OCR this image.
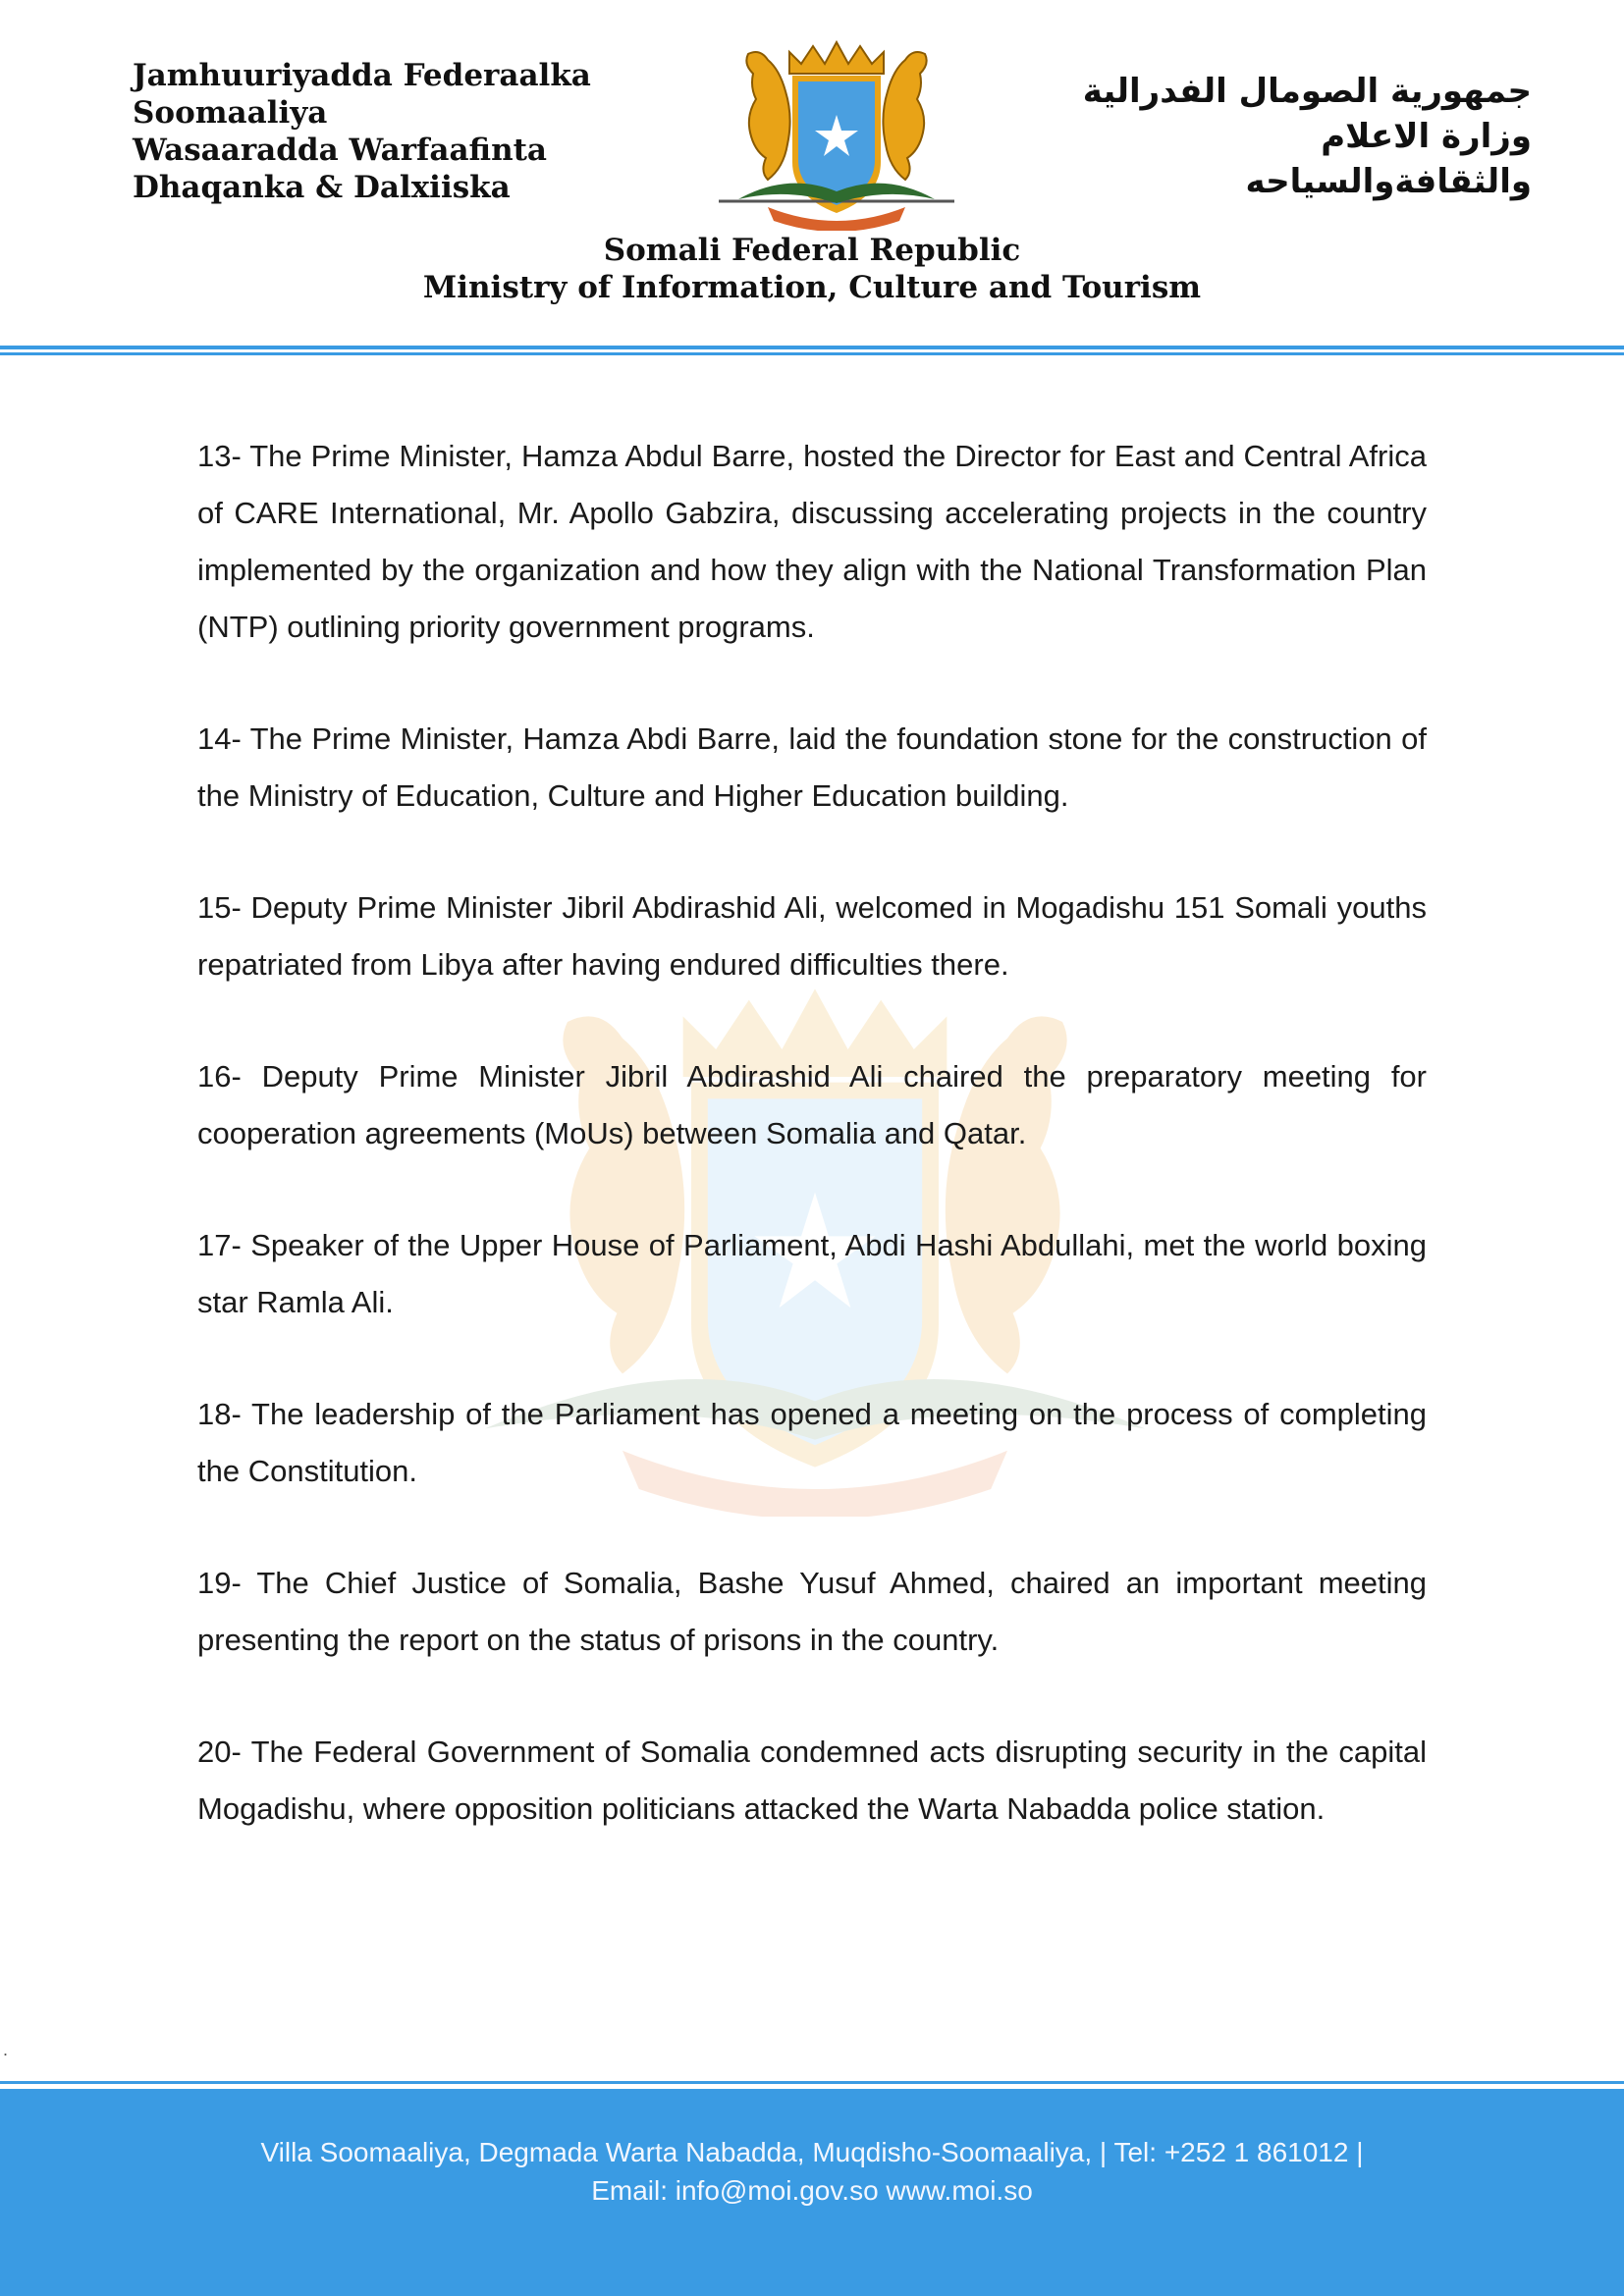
Jamhuuriyadda Federaalka
Soomaaliya
Wasaaradda Warfaafinta
Dhaqanka & Dalxiiska
جمهورية الصومال الفدرالية
وزارة الاعلام
والثقافةوالسياحه
Somali Federal Republic
Ministry of Information, Culture and Tourism

13- The Prime Minister, Hamza Abdul Barre, hosted the Director for East and Central Africa of CARE International, Mr. Apollo Gabzira, discussing accelerating projects in the country implemented by the organization and how they align with the National Transformation Plan (NTP) outlining priority government programs.

14- The Prime Minister, Hamza Abdi Barre, laid the foundation stone for the construction of the Ministry of Education, Culture and Higher Education building.

15- Deputy Prime Minister Jibril Abdirashid Ali, welcomed in Mogadishu 151 Somali youths repatriated from Libya after having endured difficulties there.

16- Deputy Prime Minister Jibril Abdirashid Ali chaired the preparatory meeting for cooperation agreements (MoUs) between Somalia and Qatar.

17- Speaker of the Upper House of Parliament, Abdi Hashi Abdullahi, met the world boxing star Ramla Ali.

18- The leadership of the Parliament has opened a meeting on the process of completing the Constitution.

19- The Chief Justice of Somalia, Bashe Yusuf Ahmed, chaired an important meeting presenting the report on the status of prisons in the country.

20- The Federal Government of Somalia condemned acts disrupting security in the capital Mogadishu, where opposition politicians attacked the Warta Nabadda police station.

.
Villa Soomaaliya, Degmada Warta Nabadda, Muqdisho-Soomaaliya, | Tel: +252 1 861012 |
Email: info@moi.gov.so www.moi.so
